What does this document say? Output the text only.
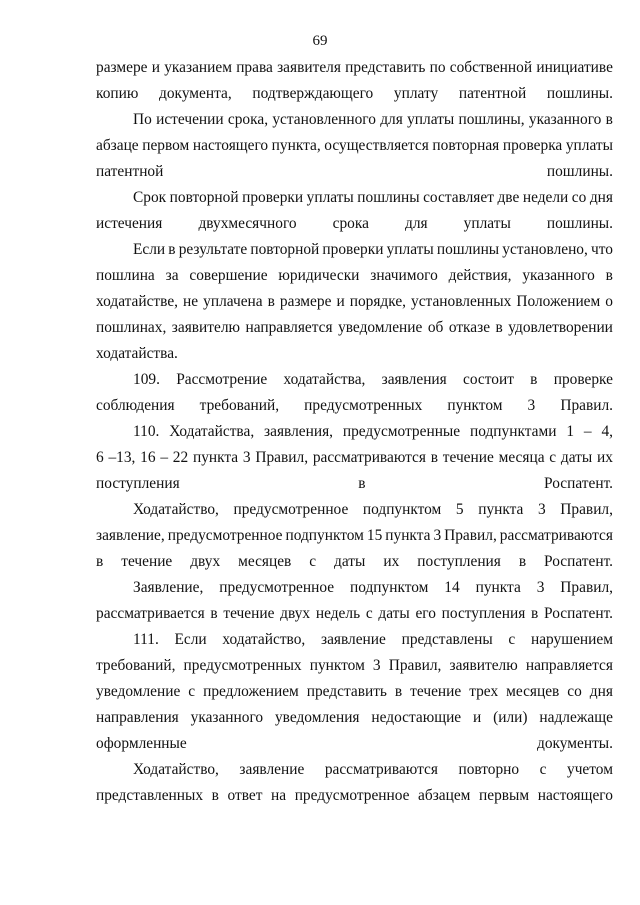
69
размере и указанием права заявителя представить по собственной инициативе
копию документа, подтверждающего уплату патентной пошлины.
По истечении срока, установленного для уплаты пошлины, указанного в
абзаце первом настоящего пункта, осуществляется повторная проверка уплаты
патентной пошлины.
Срок повторной проверки уплаты пошлины составляет две недели со дня
истечения двухмесячного срока для уплаты пошлины.
Если в результате повторной проверки уплаты пошлины установлено, что
пошлина за совершение юридически значимого действия, указанного в
ходатайстве, не уплачена в размере и порядке, установленных Положением о
пошлинах, заявителю направляется уведомление об отказе в удовлетворении
ходатайства.
109. Рассмотрение ходатайства, заявления состоит в проверке
соблюдения требований, предусмотренных пунктом 3 Правил.
110. Ходатайства, заявления, предусмотренные подпунктами 1 – 4,
6 –13, 16 – 22 пункта 3 Правил, рассматриваются в течение месяца с даты их
поступления в Роспатент.
Ходатайство, предусмотренное подпунктом 5 пункта 3 Правил,
заявление, предусмотренное подпунктом 15 пункта 3 Правил, рассматриваются
в течение двух месяцев с даты их поступления в Роспатент.
Заявление, предусмотренное подпунктом 14 пункта 3 Правил,
рассматривается в течение двух недель с даты его поступления в Роспатент.
111. Если ходатайство, заявление представлены с нарушением
требований, предусмотренных пунктом 3 Правил, заявителю направляется
уведомление с предложением представить в течение трех месяцев со дня
направления указанного уведомления недостающие и (или) надлежаще
оформленные документы.
Ходатайство, заявление рассматриваются повторно с учетом
представленных в ответ на предусмотренное абзацем первым настоящего
